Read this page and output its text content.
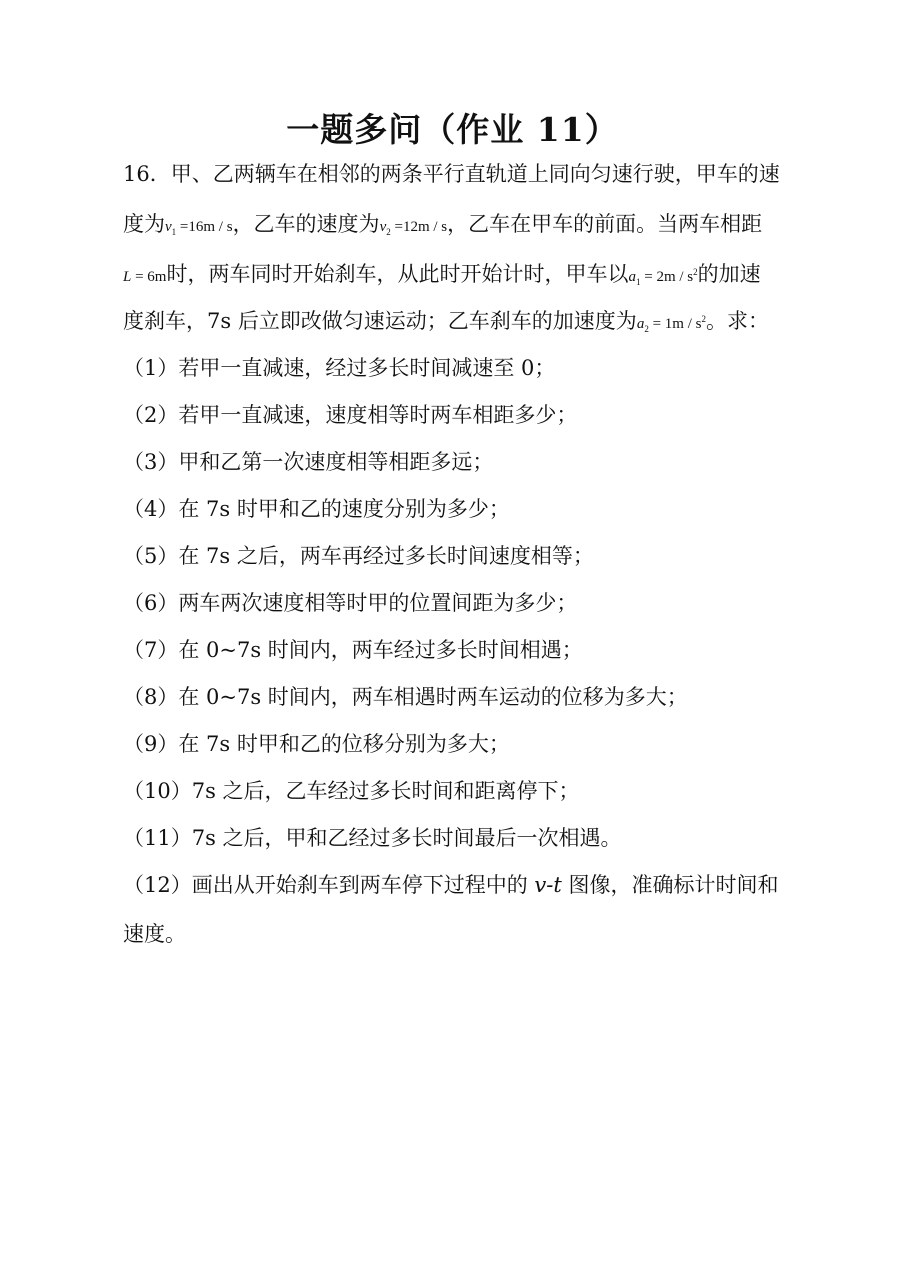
一题多问（作业 11）
16．甲、乙两辆车在相邻的两条平行直轨道上同向匀速行驶，甲车的速
度为$v_1 =16m / s$，乙车的速度为$v_2 =12m / s$，乙车在甲车的前面。当两车相距
L = 6m时，两车同时开始刹车，从此时开始计时，甲车以$a_1 = 2m / s^2$的加速
度刹车，7s 后立即改做匀速运动；乙车刹车的加速度为$a_2 = 1m / s^2$。求：
（1）若甲一直减速，经过多长时间减速至 0；
（2）若甲一直减速，速度相等时两车相距多少；
（3）甲和乙第一次速度相等相距多远；
（4）在 7s 时甲和乙的速度分别为多少；
（5）在 7s 之后，两车再经过多长时间速度相等；
（6）两车两次速度相等时甲的位置间距为多少；
（7）在 0~7s 时间内，两车经过多长时间相遇；
（8）在 0~7s 时间内，两车相遇时两车运动的位移为多大；
（9）在 7s 时甲和乙的位移分别为多大；
（10）7s 之后，乙车经过多长时间和距离停下；
（11）7s 之后，甲和乙经过多长时间最后一次相遇。
（12）画出从开始刹车到两车停下过程中的 v-t 图像，准确标计时间和
速度。
